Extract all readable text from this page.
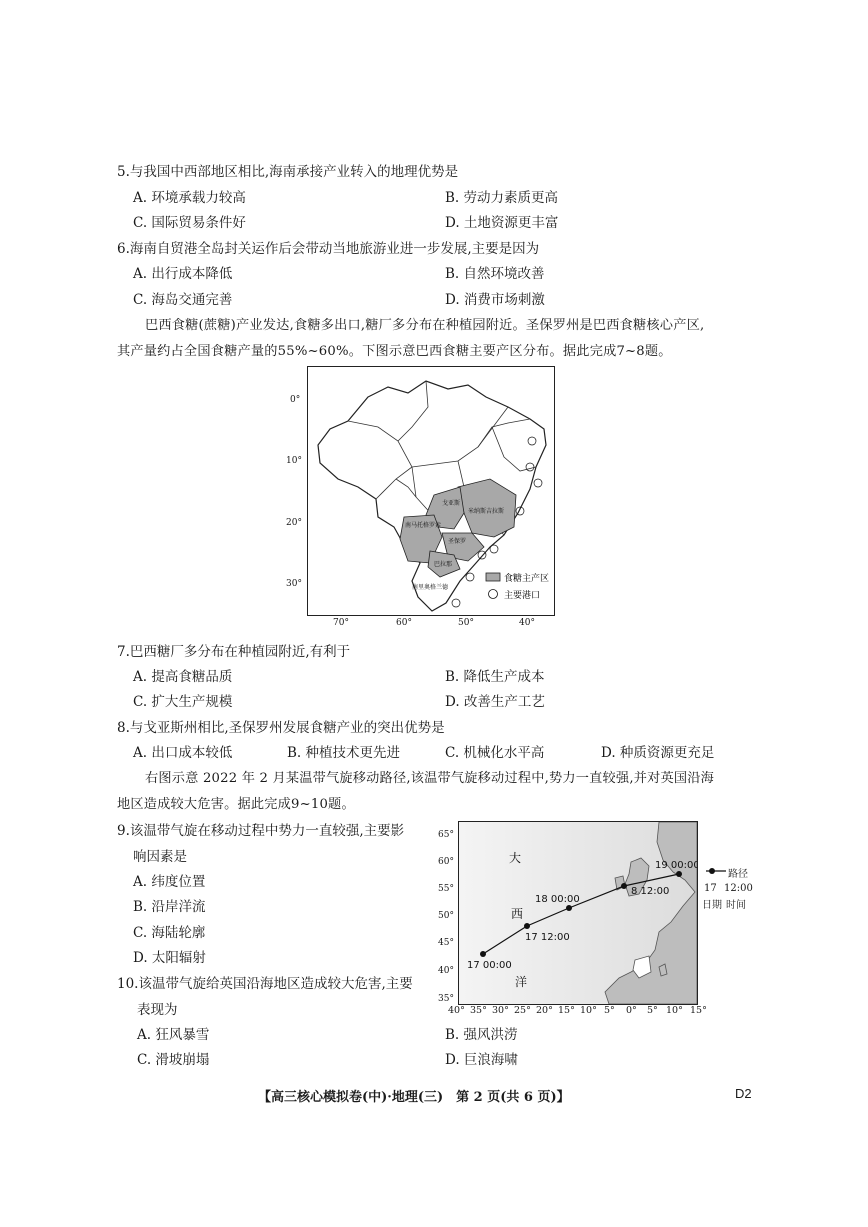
5.与我国中西部地区相比,海南承接产业转入的地理优势是
A. 环境承载力较高	B. 劳动力素质更高
C. 国际贸易条件好	D. 土地资源更丰富
6.海南自贸港全岛封关运作后会带动当地旅游业进一步发展,主要是因为
A. 出行成本降低	B. 自然环境改善
C. 海岛交通完善	D. 消费市场刺激
巴西食糖(蔗糖)产业发达,食糖多出口,糖厂多分布在种植园附近。圣保罗州是巴西食糖核心产区,
其产量约占全国食糖产量的55%~60%。下图示意巴西食糖主要产区分布。据此完成7~8题。
米纳斯吉拉斯
戈亚斯
南马托格罗索
圣保罗
巴拉那
南里奥格兰德
食糖主产区
主要港口
0°
10°
20°
30°
70°	60°	50°	40°
7.巴西糖厂多分布在种植园附近,有利于
A. 提高食糖品质	B. 降低生产成本
C. 扩大生产规模	D. 改善生产工艺
8.与戈亚斯州相比,圣保罗州发展食糖产业的突出优势是
A. 出口成本较低	B. 种植技术更先进	C. 机械化水平高	D. 种质资源更充足
右图示意 2022 年 2 月某温带气旋移动路径,该温带气旋移动过程中,势力一直较强,并对英国沿海
地区造成较大危害。据此完成9~10题。
9.该温带气旋在移动过程中势力一直较强,主要影
响因素是
A. 纬度位置
B. 沿岸洋流
C. 海陆轮廓
D. 太阳辐射
10.该温带气旋给英国沿海地区造成较大危害,主要
表现为
A. 狂风暴雪	B. 强风洪涝
C. 滑坡崩塌	D. 巨浪海啸
17 00:00
17 12:00
18 00:00
8 12:00
19 00:00
大
西
洋
65°
60°
55°
50°
45°
40°
35°
40° 35° 30° 25° 20° 15° 10° 5° 0° 5° 10° 15°
路径
17 12:00
日期 时间
【高三核心模拟卷(中)·地理(三)　第 2 页(共 6 页)】	D2
